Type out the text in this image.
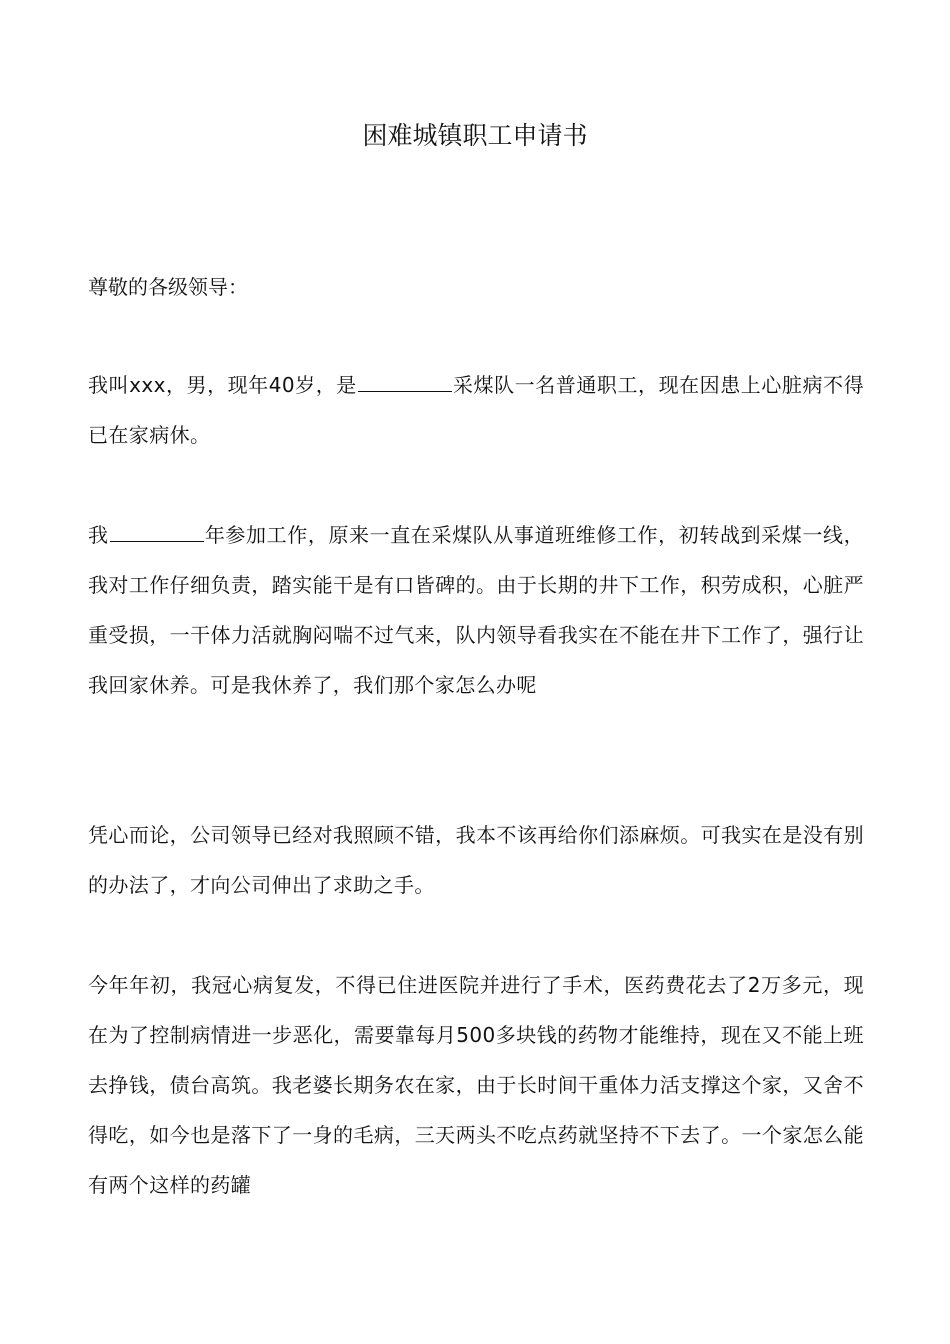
困难城镇职工申请书

尊敬的各级领导：

我叫xxx，男，现年40岁，是	采煤队一名普通职工，现在因患上心脏病不得已在家病休。

我	年参加工作，原来一直在采煤队从事道班维修工作，初转战到采煤一线，我对工作仔细负责，踏实能干是有口皆碑的。由于长期的井下工作，积劳成积，心脏严重受损，一干体力活就胸闷喘不过气来，队内领导看我实在不能在井下工作了，强行让我回家休养。可是我休养了，我们那个家怎么办呢

凭心而论，公司领导已经对我照顾不错，我本不该再给你们添麻烦。可我实在是没有别的办法了，才向公司伸出了求助之手。

今年年初，我冠心病复发，不得已住进医院并进行了手术，医药费花去了2万多元，现在为了控制病情进一步恶化，需要靠每月500多块钱的药物才能维持，现在又不能上班去挣钱，债台高筑。我老婆长期务农在家，由于长时间干重体力活支撑这个家，又舍不得吃，如今也是落下了一身的毛病，三天两头不吃点药就坚持不下去了。一个家怎么能有两个这样的药罐
